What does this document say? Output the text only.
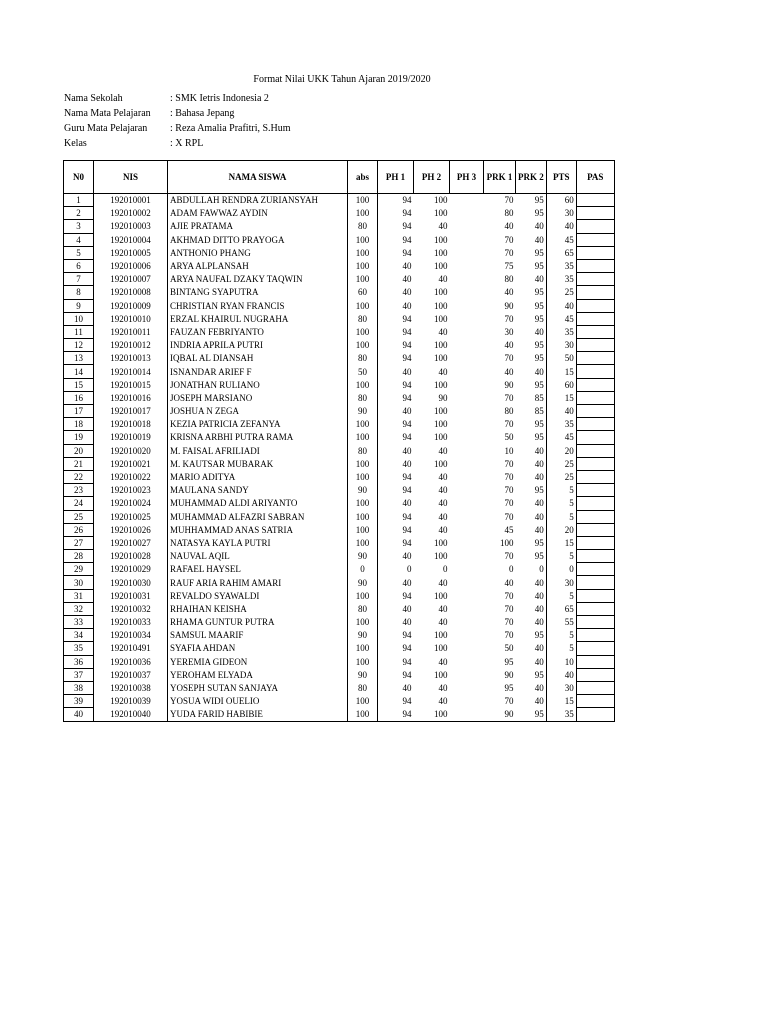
Format Nilai UKK Tahun Ajaran 2019/2020
Nama Sekolah	: SMK Ietris Indonesia 2
Nama Mata Pelajaran	: Bahasa Jepang
Guru Mata Pelajaran	: Reza Amalia Prafitri, S.Hum
Kelas	: X RPL
N0	NIS	NAMA SISWA	abs	PH 1	PH 2	PH 3	PRK 1	PRK 2	PTS	PAS
1	192010001	ABDULLAH RENDRA ZURIANSYAH	100	94	100		70	95	60	
2	192010002	ADAM FAWWAZ AYDIN	100	94	100		80	95	30	
3	192010003	AJIE PRATAMA	80	94	40		40	40	40	
4	192010004	AKHMAD DITTO PRAYOGA	100	94	100		70	40	45	
5	192010005	ANTHONIO PHANG	100	94	100		70	95	65	
6	192010006	ARYA ALPLANSAH	100	40	100		75	95	35	
7	192010007	ARYA NAUFAL DZAKY TAQWIN	100	40	40		80	40	35	
8	192010008	BINTANG SYAPUTRA	60	40	100		40	95	25	
9	192010009	CHRISTIAN RYAN FRANCIS	100	40	100		90	95	40	
10	192010010	ERZAL KHAIRUL NUGRAHA	80	94	100		70	95	45	
11	192010011	FAUZAN FEBRIYANTO	100	94	40		30	40	35	
12	192010012	INDRIA APRILA PUTRI	100	94	100		40	95	30	
13	192010013	IQBAL AL DIANSAH	80	94	100		70	95	50	
14	192010014	ISNANDAR ARIEF F	50	40	40		40	40	15	
15	192010015	JONATHAN RULIANO	100	94	100		90	95	60	
16	192010016	JOSEPH MARSIANO	80	94	90		70	85	15	
17	192010017	JOSHUA N ZEGA	90	40	100		80	85	40	
18	192010018	KEZIA PATRICIA ZEFANYA	100	94	100		70	95	35	
19	192010019	KRISNA ARBHI PUTRA RAMA	100	94	100		50	95	45	
20	192010020	M. FAISAL AFRILIADI	80	40	40		10	40	20	
21	192010021	M. KAUTSAR MUBARAK	100	40	100		70	40	25	
22	192010022	MARIO ADITYA	100	94	40		70	40	25	
23	192010023	MAULANA SANDY	90	94	40		70	95	5	
24	192010024	MUHAMMAD ALDI ARIYANTO	100	40	40		70	40	5	
25	192010025	MUHAMMAD ALFAZRI SABRAN	100	94	40		70	40	5	
26	192010026	MUHHAMMAD ANAS SATRIA	100	94	40		45	40	20	
27	192010027	NATASYA KAYLA PUTRI	100	94	100		100	95	15	
28	192010028	NAUVAL AQIL	90	40	100		70	95	5	
29	192010029	RAFAEL HAYSEL	0	0	0		0	0	0	
30	192010030	RAUF ARIA RAHIM AMARI	90	40	40		40	40	30	
31	192010031	REVALDO SYAWALDI	100	94	100		70	40	5	
32	192010032	RHAIHAN KEISHA	80	40	40		70	40	65	
33	192010033	RHAMA GUNTUR PUTRA	100	40	40		70	40	55	
34	192010034	SAMSUL MAARIF	90	94	100		70	95	5	
35	192010491	SYAFIA AHDAN	100	94	100		50	40	5	
36	192010036	YEREMIA GIDEON	100	94	40		95	40	10	
37	192010037	YEROHAM ELYADA	90	94	100		90	95	40	
38	192010038	YOSEPH SUTAN SANJAYA	80	40	40		95	40	30	
39	192010039	YOSUA WIDI OUELIO	100	94	40		70	40	15	
40	192010040	YUDA FARID HABIBIE	100	94	100		90	95	35	
